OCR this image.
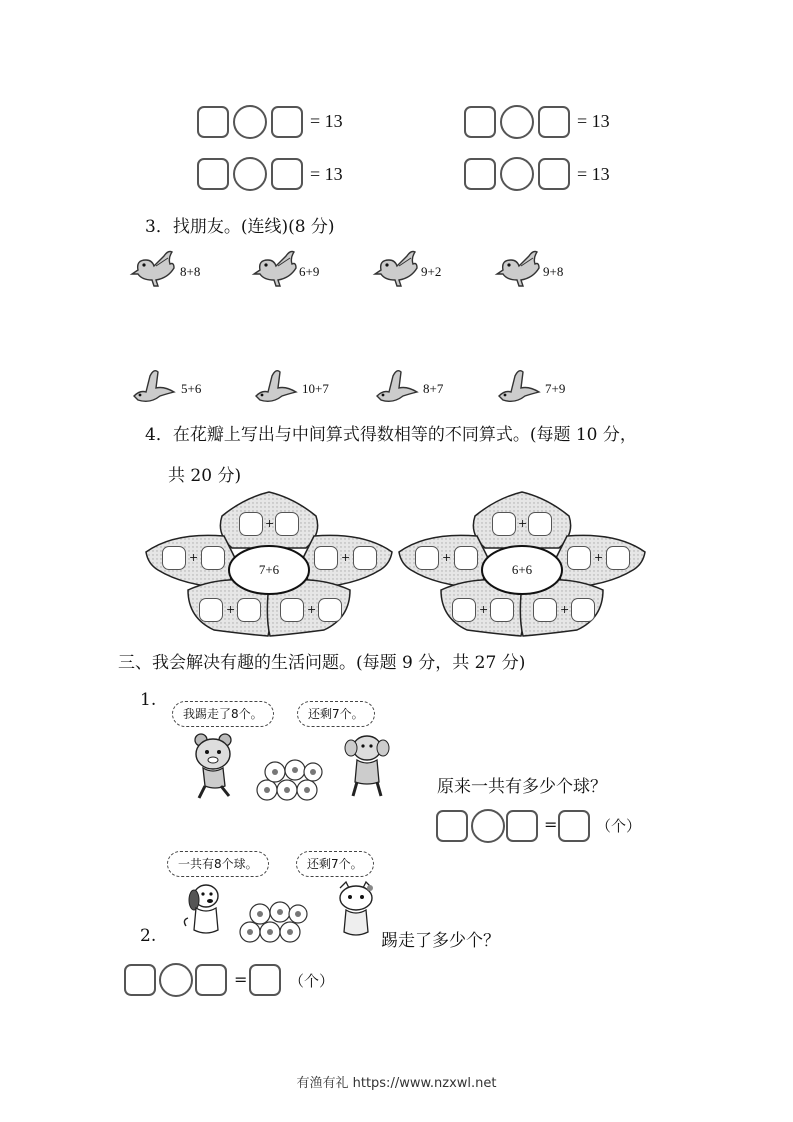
= 13	= 13
= 13	= 13
3．找朋友。(连线)(8 分)
8+8	6+9	9+2	9+8
5+6	10+7	8+7	7+9
4．在花瓣上写出与中间算式得数相等的不同算式。(每题 10 分，
共 20 分)
7+6
+
+	+
+	+
6+6
+
+	+
+	+
三、我会解决有趣的生活问题。(每题 9 分，共 27 分)
1.
我踢走了8个。	还剩7个。
原来一共有多少个球？
=	（个）
一共有8个球。	还剩7个。
2.	踢走了多少个？
=	（个）
有渔有礼 https://www.nzxwl.net
